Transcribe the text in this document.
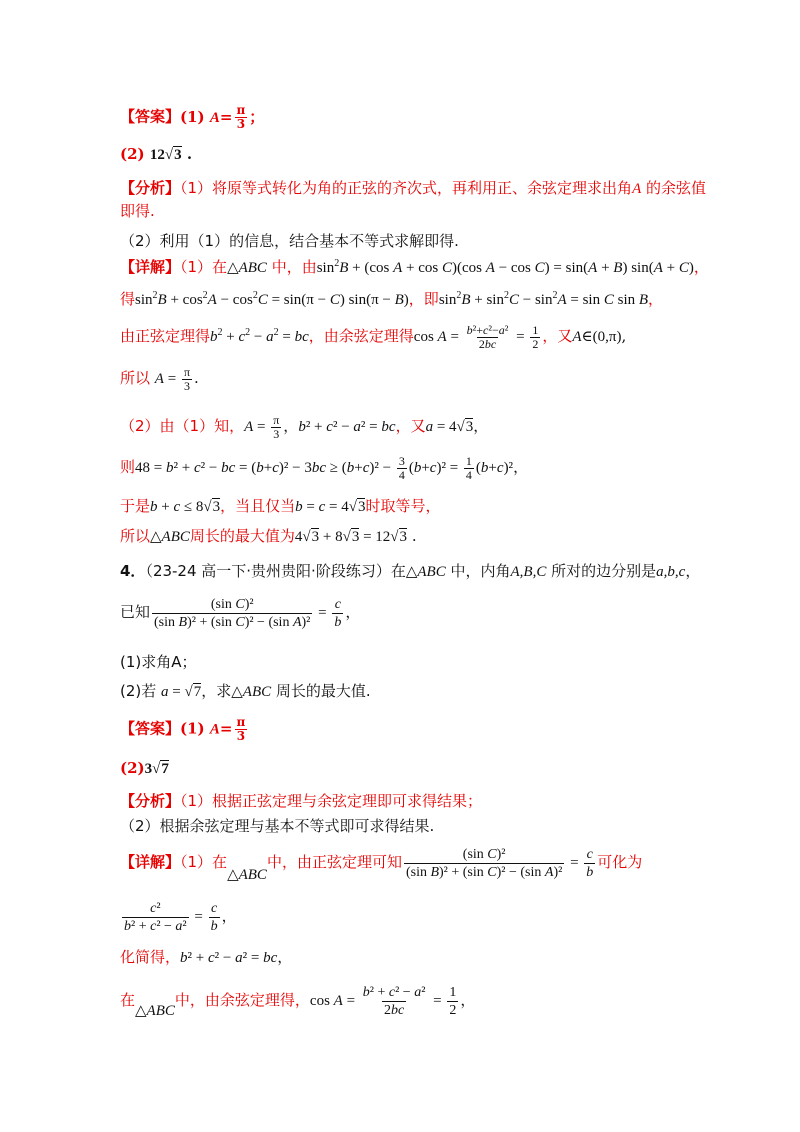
【答案】(1) $A= \frac{\pi}{3}$ ；
(2) 12√3 .
【分析】（1）将原等式转化为角的正弦的齐次式，再利用正、余弦定理求出角A 的余弦值
即得.
（2）利用（1）的信息，结合基本不等式求解即得.
【详解】（1）在△ABC 中，由$\sin^2B + (\cos$ A + cos C)(cos A − cos C) = sin(A + B) sin(A + C)，
得$\sin^2B + \cos^2A - \cos^2C = \sin(\pi - C) \sin(\pi - B)$，即$\sin^2B + \sin^2C - \sin^2A = \sin C$ sin B，
由正弦定理得$b^2 + c^2 - a^2$ = bc，由余弦定理得$\cos A = \frac{\text{b²+c²−a²}}{2bc} = \frac{1}{2}$ ，又A∈(0,π),
所以 $A = \frac{\pi}{3}$ .
（2）由（1）知，$A = \frac{\pi}{3}$ ，b² + c² − a² = bc，又a = 4√3，
则48 = b² + c² − bc = $(b+c)^2 - 3bc \ge (b+c)^2 - \frac{3}{4} (b+c)^2 = \frac{1}{4} (b+c)^2$，
于是b + c ≤ 8√3，当且仅当b = c = 4√3时取等号，
所以△ABC周长的最大值为4√3 + 8√3 = 12√3 .
4．（23-24 高一下·贵州贵阳·阶段练习）在△ABC 中，内角A,B,C 所对的边分别是a,b,c，
已知 $\frac{\text{(sin C)²}}{\text{(sin B)² + (sin C)² − (sin A)²}} = \frac{c}{b}$ ，
(1)求角A；
(2)若 a = √7，求△ABC 周长的最大值.
【答案】(1) $A= \frac{\pi}{3}$
(2)3√7
【分析】（1）根据正弦定理与余弦定理即可求得结果；
（2）根据余弦定理与基本不等式即可求得结果.
【详解】（1）在△ABC中，由正弦定理可知 $\frac{\text{(sin C)²}}{\text{(sin B)² + (sin C)² − (sin A)²}} = \frac{c}{b}$ 可化为
$\frac{\text{c²}}{\text{b² + c² − a²}} = \frac{c}{b}$ ，
化简得，b² + c² − a² = bc，
在△ABC中，由余弦定理得，$\cos A = \frac{\text{b² + c² − a²}}{2bc} = \frac{1}{2}$ ，
